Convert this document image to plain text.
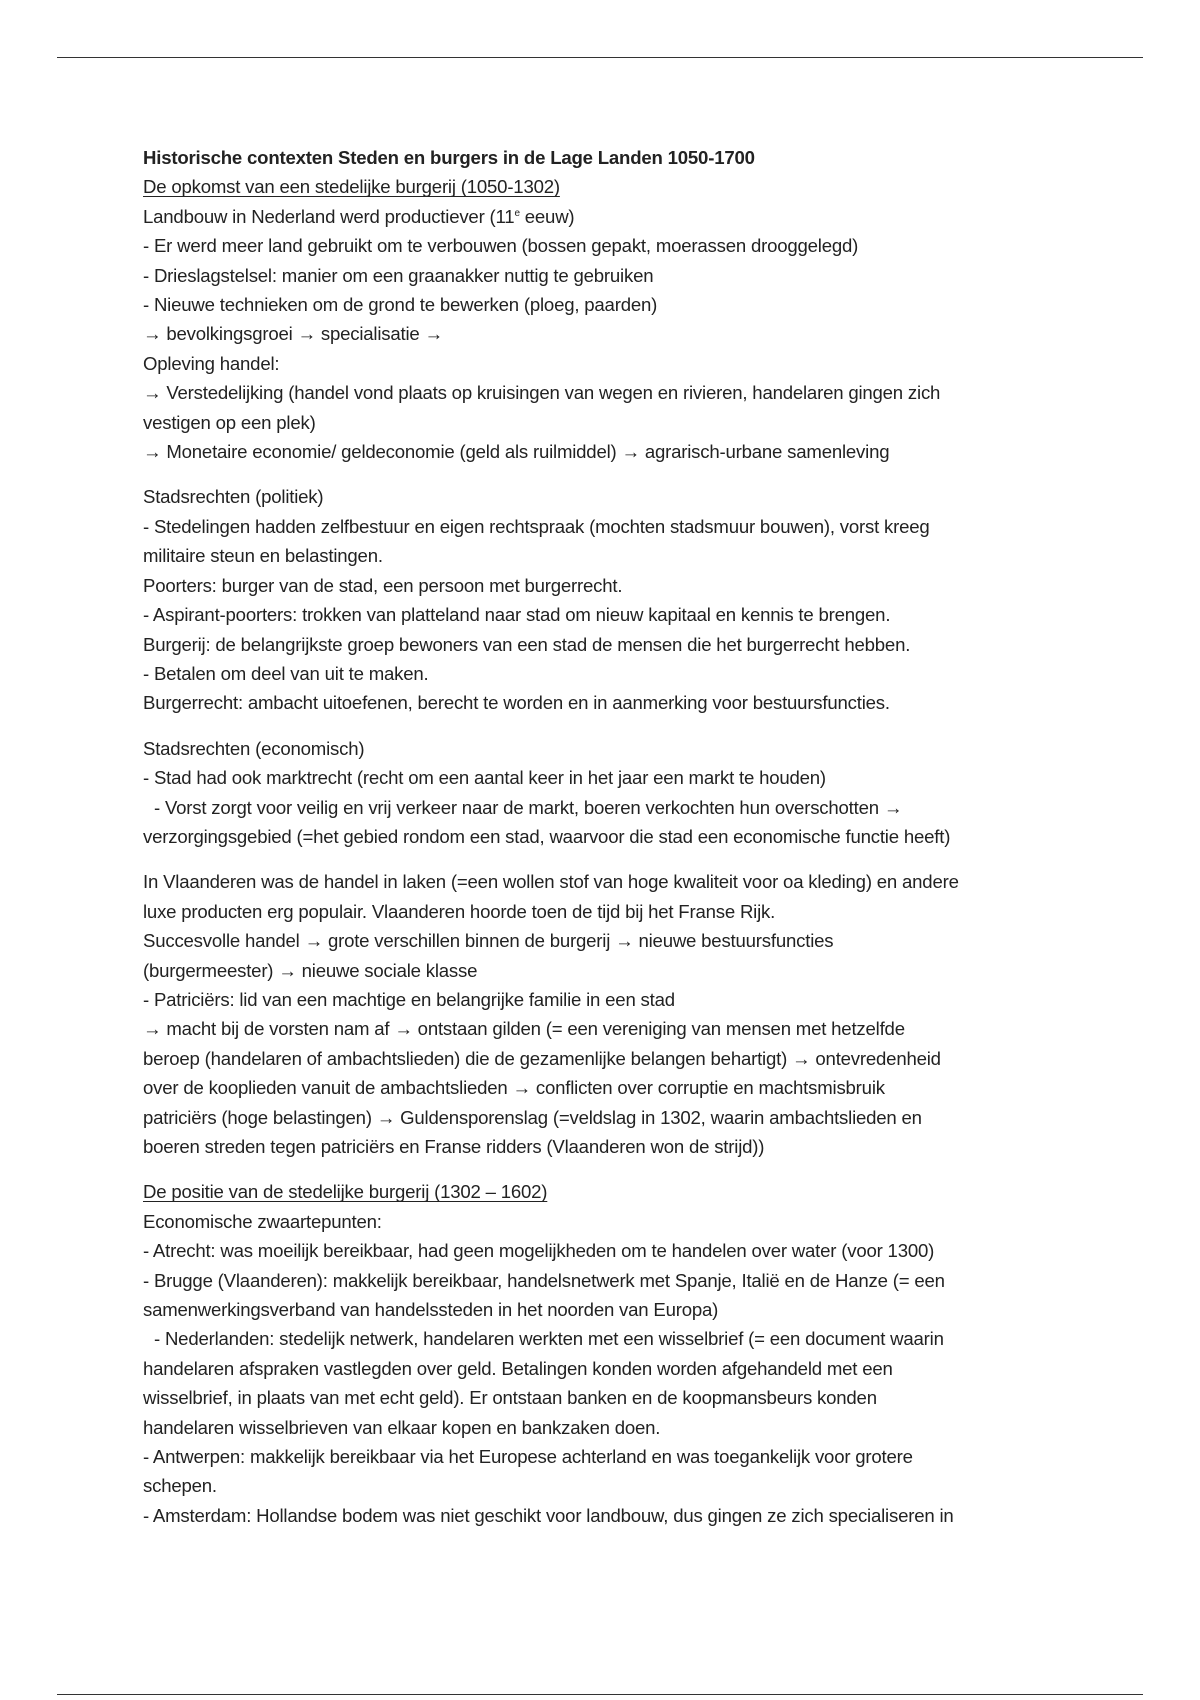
Historische contexten Steden en burgers in de Lage Landen 1050-1700
De opkomst van een stedelijke burgerij (1050-1302)
Landbouw in Nederland werd productiever (11e eeuw)
- Er werd meer land gebruikt om te verbouwen (bossen gepakt, moerassen drooggelegd)
- Drieslagstelsel: manier om een graanakker nuttig te gebruiken
- Nieuwe technieken om de grond te bewerken (ploeg, paarden)
→ bevolkingsgroei → specialisatie →
Opleving handel:
→ Verstedelijking (handel vond plaats op kruisingen van wegen en rivieren, handelaren gingen zich
vestigen op een plek)
→ Monetaire economie/ geldeconomie (geld als ruilmiddel) → agrarisch-urbane samenleving
Stadsrechten (politiek)
- Stedelingen hadden zelfbestuur en eigen rechtspraak (mochten stadsmuur bouwen), vorst kreeg
militaire steun en belastingen.
Poorters: burger van de stad, een persoon met burgerrecht.
- Aspirant-poorters: trokken van platteland naar stad om nieuw kapitaal en kennis te brengen.
Burgerij: de belangrijkste groep bewoners van een stad de mensen die het burgerrecht hebben.
- Betalen om deel van uit te maken.
Burgerrecht: ambacht uitoefenen, berecht te worden en in aanmerking voor bestuursfuncties.
Stadsrechten (economisch)
- Stad had ook marktrecht (recht om een aantal keer in het jaar een markt te houden)
- Vorst zorgt voor veilig en vrij verkeer naar de markt, boeren verkochten hun overschotten →
verzorgingsgebied (=het gebied rondom een stad, waarvoor die stad een economische functie heeft)
In Vlaanderen was de handel in laken (=een wollen stof van hoge kwaliteit voor oa kleding) en andere
luxe producten erg populair. Vlaanderen hoorde toen de tijd bij het Franse Rijk.
Succesvolle handel → grote verschillen binnen de burgerij → nieuwe bestuursfuncties
(burgermeester) → nieuwe sociale klasse
- Patriciërs: lid van een machtige en belangrijke familie in een stad
→ macht bij de vorsten nam af → ontstaan gilden (= een vereniging van mensen met hetzelfde
beroep (handelaren of ambachtslieden) die de gezamenlijke belangen behartigt) → ontevredenheid
over de kooplieden vanuit de ambachtslieden → conflicten over corruptie en machtsmisbruik
patriciërs (hoge belastingen) → Guldensporenslag (=veldslag in 1302, waarin ambachtslieden en
boeren streden tegen patriciërs en Franse ridders (Vlaanderen won de strijd))
De positie van de stedelijke burgerij (1302 – 1602)
Economische zwaartepunten:
- Atrecht: was moeilijk bereikbaar, had geen mogelijkheden om te handelen over water (voor 1300)
- Brugge (Vlaanderen): makkelijk bereikbaar, handelsnetwerk met Spanje, Italië en de Hanze (= een
samenwerkingsverband van handelssteden in het noorden van Europa)
- Nederlanden: stedelijk netwerk, handelaren werkten met een wisselbrief (= een document waarin
handelaren afspraken vastlegden over geld. Betalingen konden worden afgehandeld met een
wisselbrief, in plaats van met echt geld). Er ontstaan banken en de koopmansbeurs konden
handelaren wisselbrieven van elkaar kopen en bankzaken doen.
- Antwerpen: makkelijk bereikbaar via het Europese achterland en was toegankelijk voor grotere
schepen.
- Amsterdam: Hollandse bodem was niet geschikt voor landbouw, dus gingen ze zich specialiseren in
